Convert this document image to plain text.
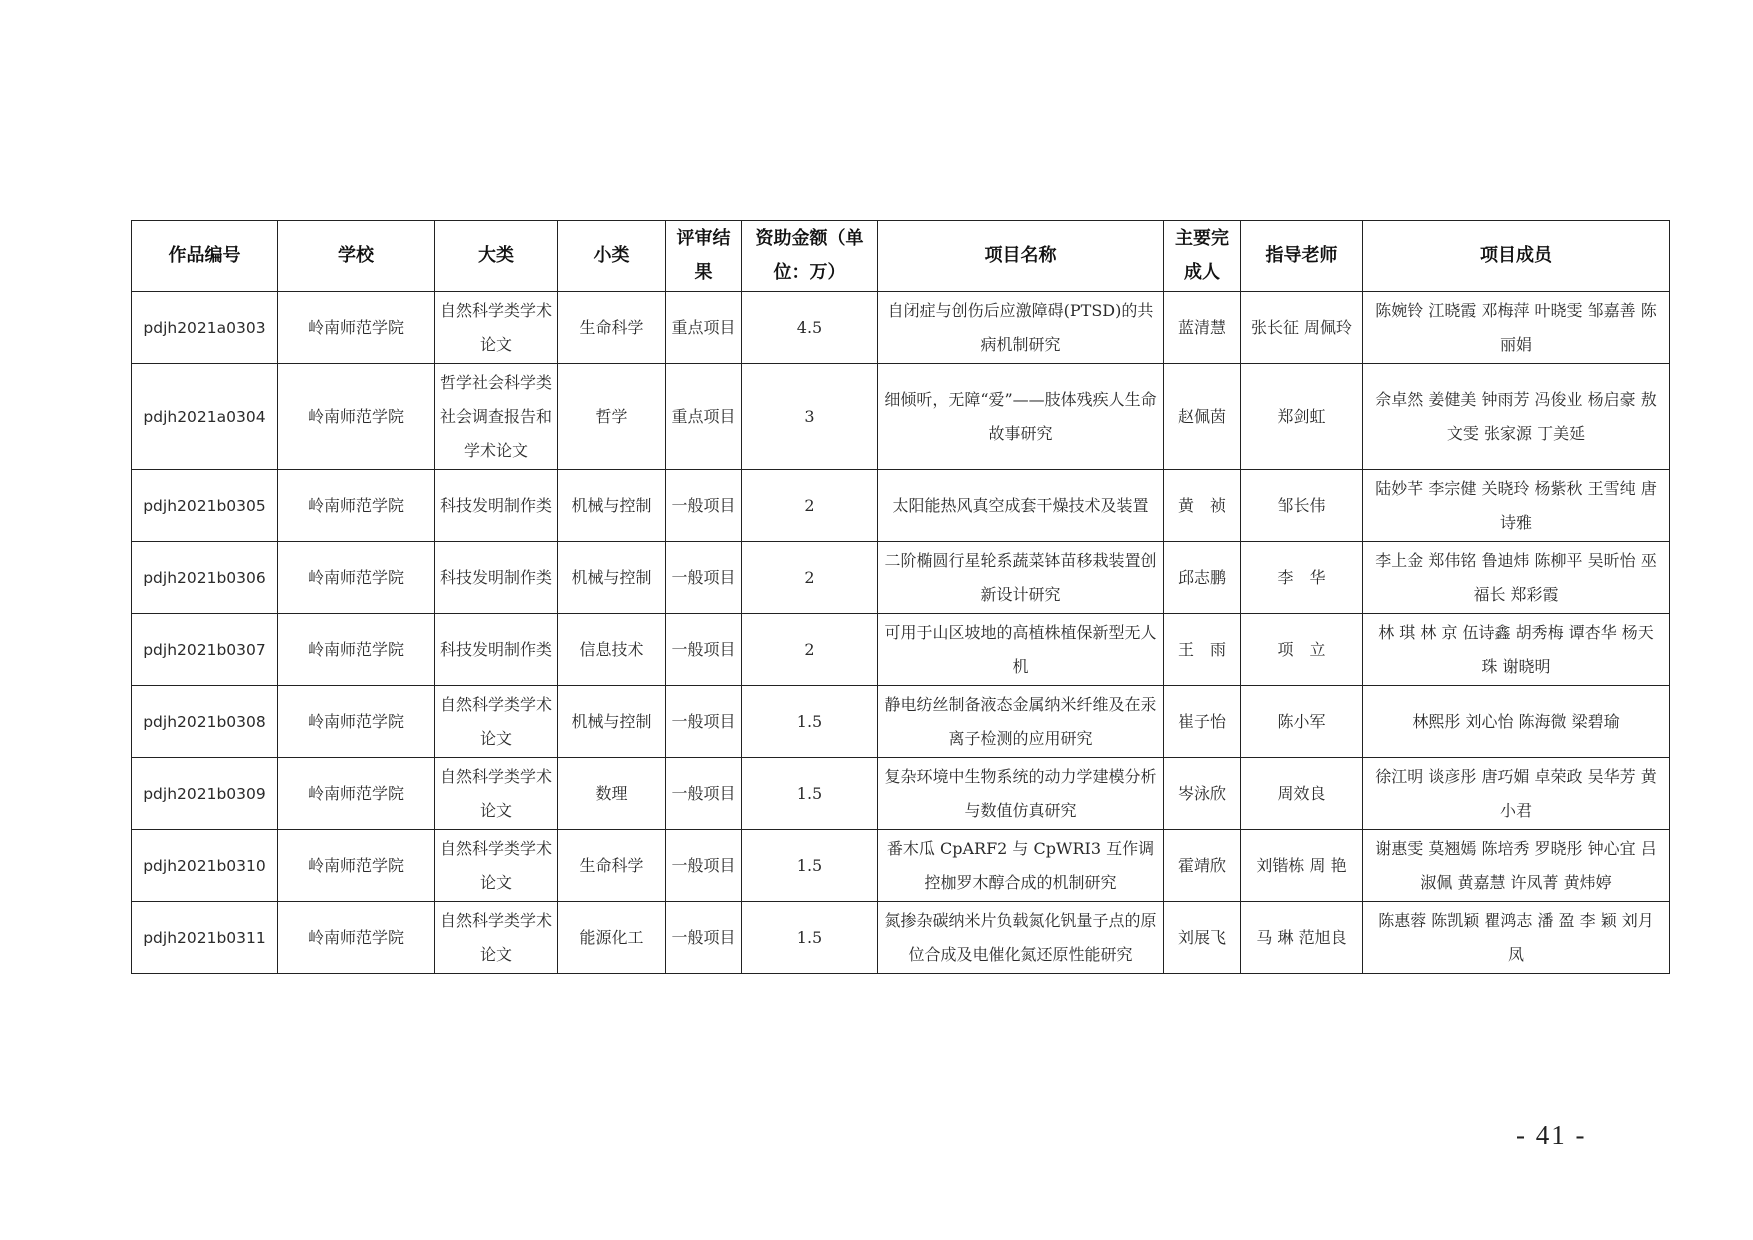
作品编号	学校	大类	小类	评审结果	资助金额（单位：万）	项目名称	主要完成人	指导老师	项目成员
pdjh2021a0303	岭南师范学院	自然科学类学术论文	生命科学	重点项目	4.5	自闭症与创伤后应激障碍(PTSD)的共病机制研究	蓝清慧	张长征 周佩玲	陈婉铃 江晓霞 邓梅萍 叶晓雯 邹嘉善 陈丽娟
pdjh2021a0304	岭南师范学院	哲学社会科学类社会调查报告和学术论文	哲学	重点项目	3	细倾听，无障“爱”——肢体残疾人生命故事研究	赵佩茵	郑剑虹	佘卓然 姜健美 钟雨芳 冯俊业 杨启豪 敖文雯 张家源 丁美延
pdjh2021b0305	岭南师范学院	科技发明制作类	机械与控制	一般项目	2	太阳能热风真空成套干燥技术及装置	黄　祯	邹长伟	陆妙芊 李宗健 关晓玲 杨紫秋 王雪纯 唐诗雅
pdjh2021b0306	岭南师范学院	科技发明制作类	机械与控制	一般项目	2	二阶椭圆行星轮系蔬菜钵苗移栽装置创新设计研究	邱志鹏	李　华	李上金 郑伟铭 鲁迪炜 陈柳平 吴昕怡 巫福长 郑彩霞
pdjh2021b0307	岭南师范学院	科技发明制作类	信息技术	一般项目	2	可用于山区坡地的高植株植保新型无人机	王　雨	项　立	林 琪 林 京 伍诗鑫 胡秀梅 谭杏华 杨天珠 谢晓明
pdjh2021b0308	岭南师范学院	自然科学类学术论文	机械与控制	一般项目	1.5	静电纺丝制备液态金属纳米纤维及在汞离子检测的应用研究	崔子怡	陈小军	林熙彤 刘心怡 陈海微 梁碧瑜
pdjh2021b0309	岭南师范学院	自然科学类学术论文	数理	一般项目	1.5	复杂环境中生物系统的动力学建模分析与数值仿真研究	岑泳欣	周效良	徐江明 谈彦彤 唐巧媚 卓荣政 吴华芳 黄小君
pdjh2021b0310	岭南师范学院	自然科学类学术论文	生命科学	一般项目	1.5	番木瓜 CpARF2 与 CpWRI3 互作调控枷罗木醇合成的机制研究	霍靖欣	刘锴栋 周 艳	谢惠雯 莫翘嫣 陈培秀 罗晓彤 钟心宜 吕淑佩 黄嘉慧 许凤菁 黄炜婷
pdjh2021b0311	岭南师范学院	自然科学类学术论文	能源化工	一般项目	1.5	氮掺杂碳纳米片负载氮化钒量子点的原位合成及电催化氮还原性能研究	刘展飞	马 琳 范旭良	陈惠蓉 陈凯颖 瞿鸿志 潘 盈 李 颖 刘月凤
- 41 -
